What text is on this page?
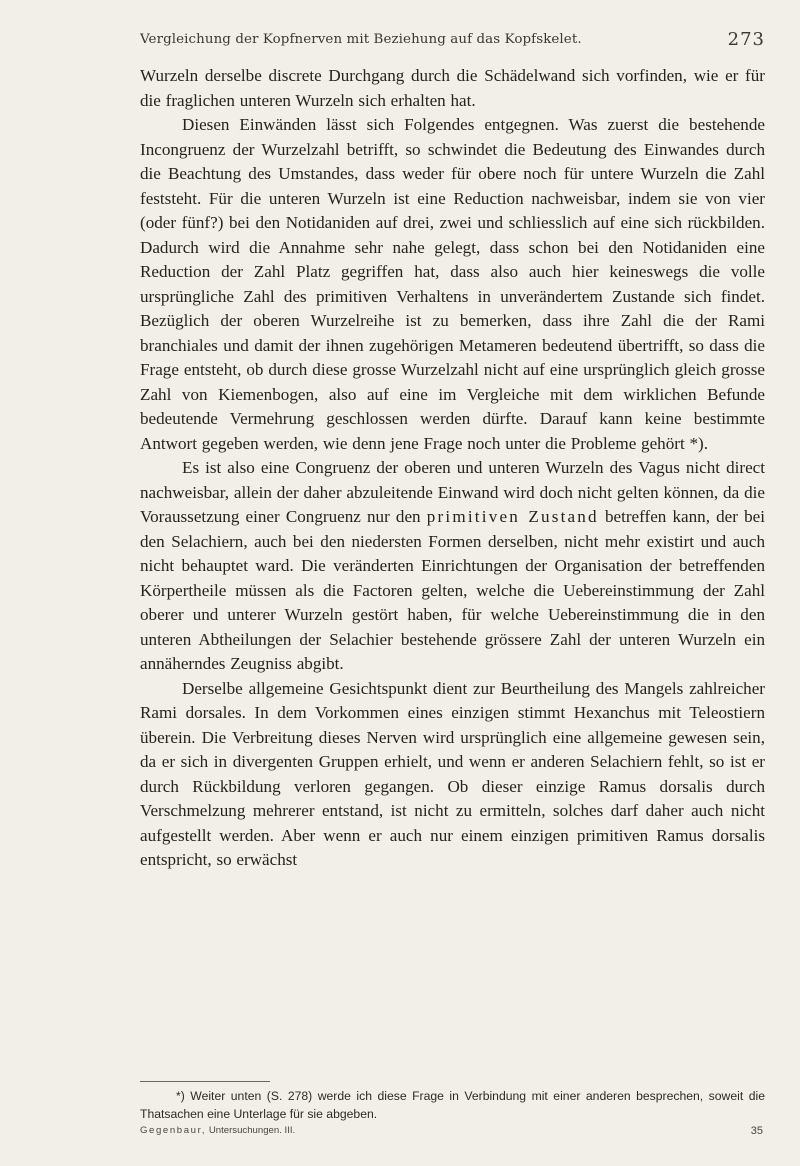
Vergleichung der Kopfnerven mit Beziehung auf das Kopfskelet.	273

Wurzeln derselbe discrete Durchgang durch die Schädelwand sich vorfinden, wie er für die fraglichen unteren Wurzeln sich erhalten hat.

Diesen Einwänden lässt sich Folgendes entgegnen. Was zuerst die bestehende Incongruenz der Wurzelzahl betrifft, so schwindet die Bedeutung des Einwandes durch die Beachtung des Umstandes, dass weder für obere noch für untere Wurzeln die Zahl feststeht. Für die unteren Wurzeln ist eine Reduction nachweisbar, indem sie von vier (oder fünf?) bei den Notidaniden auf drei, zwei und schliesslich auf eine sich rückbilden. Dadurch wird die Annahme sehr nahe gelegt, dass schon bei den Notidaniden eine Reduction der Zahl Platz gegriffen hat, dass also auch hier keineswegs die volle ursprüngliche Zahl des primitiven Verhaltens in unverändertem Zustande sich findet. Bezüglich der oberen Wurzelreihe ist zu bemerken, dass ihre Zahl die der Rami branchiales und damit der ihnen zugehörigen Metameren bedeutend übertrifft, so dass die Frage entsteht, ob durch diese grosse Wurzelzahl nicht auf eine ursprünglich gleich grosse Zahl von Kiemenbogen, also auf eine im Vergleiche mit dem wirklichen Befunde bedeutende Vermehrung geschlossen werden dürfte. Darauf kann keine bestimmte Antwort gegeben werden, wie denn jene Frage noch unter die Probleme gehört *).

Es ist also eine Congruenz der oberen und unteren Wurzeln des Vagus nicht direct nachweisbar, allein der daher abzuleitende Einwand wird doch nicht gelten können, da die Voraussetzung einer Congruenz nur den primitiven Zustand betreffen kann, der bei den Selachiern, auch bei den niedersten Formen derselben, nicht mehr existirt und auch nicht behauptet ward. Die veränderten Einrichtungen der Organisation der betreffenden Körpertheile müssen als die Factoren gelten, welche die Uebereinstimmung der Zahl oberer und unterer Wurzeln gestört haben, für welche Uebereinstimmung die in den unteren Abtheilungen der Selachier bestehende grössere Zahl der unteren Wurzeln ein annäherndes Zeugniss abgibt.

Derselbe allgemeine Gesichtspunkt dient zur Beurtheilung des Mangels zahlreicher Rami dorsales. In dem Vorkommen eines einzigen stimmt Hexanchus mit Teleostiern überein. Die Verbreitung dieses Nerven wird ursprünglich eine allgemeine gewesen sein, da er sich in divergenten Gruppen erhielt, und wenn er anderen Selachiern fehlt, so ist er durch Rückbildung verloren gegangen. Ob dieser einzige Ramus dorsalis durch Verschmelzung mehrerer entstand, ist nicht zu ermitteln, solches darf daher auch nicht aufgestellt werden. Aber wenn er auch nur einem einzigen primitiven Ramus dorsalis entspricht, so erwächst

*) Weiter unten (S. 278) werde ich diese Frage in Verbindung mit einer anderen besprechen, soweit die Thatsachen eine Unterlage für sie abgeben.

Gegenbaur, Untersuchungen. III.	35
